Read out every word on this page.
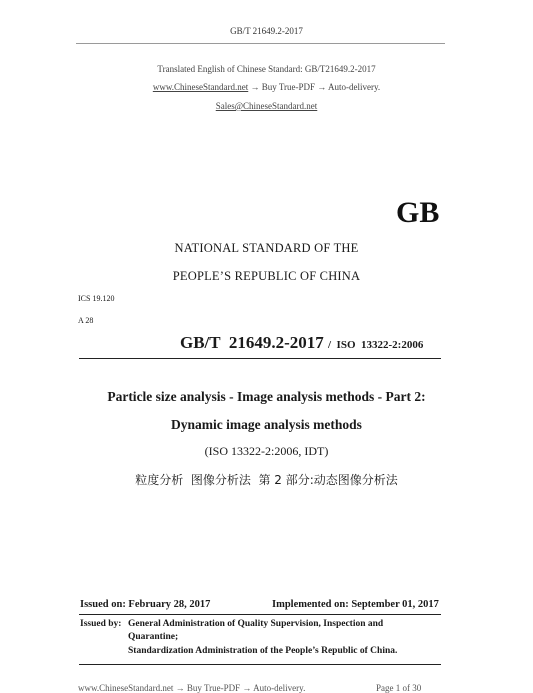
GB/T 21649.2-2017
Translated English of Chinese Standard: GB/T21649.2-2017
www.ChineseStandard.net → Buy True-PDF → Auto-delivery.
Sales@ChineseStandard.net
GB
NATIONAL STANDARD OF THE
PEOPLE’S REPUBLIC OF CHINA
ICS 19.120
A 28
GB/T  21649.2-2017 /  ISO  13322-2:2006
Particle size analysis - Image analysis methods - Part 2:
Dynamic image analysis methods
(ISO 13322-2:2006, IDT)
粒度分析  图像分析法  第 2 部分:动态图像分析法
Issued on: February 28, 2017	Implemented on: September 01, 2017
Issued by: General Administration of Quality Supervision, Inspection and
Quarantine;
Standardization Administration of the People’s Republic of China.
www.ChineseStandard.net → Buy True-PDF → Auto-delivery.	Page 1 of 30
